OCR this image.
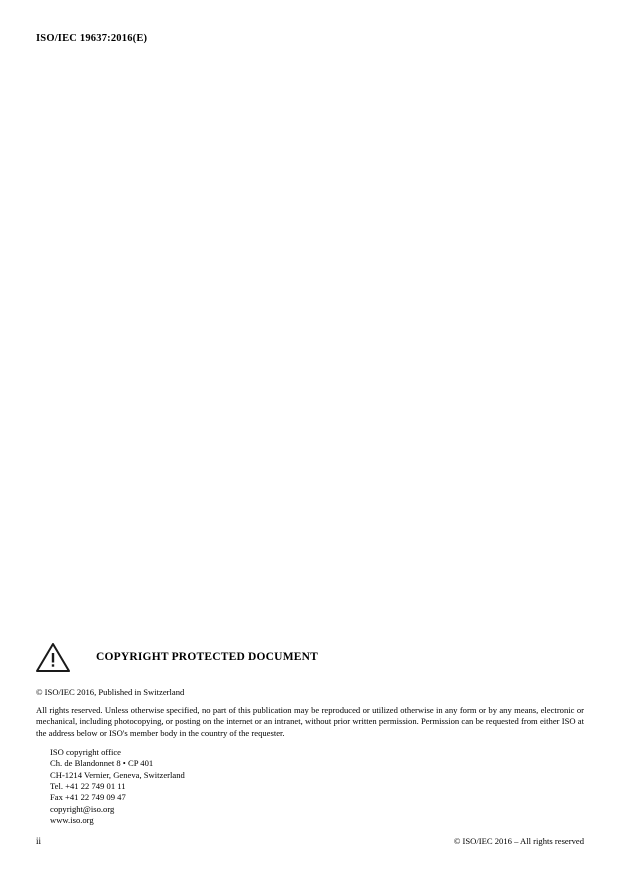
ISO/IEC 19637:2016(E)
COPYRIGHT PROTECTED DOCUMENT
© ISO/IEC 2016, Published in Switzerland
All rights reserved. Unless otherwise specified, no part of this publication may be reproduced or utilized otherwise in any form or by any means, electronic or mechanical, including photocopying, or posting on the internet or an intranet, without prior written permission. Permission can be requested from either ISO at the address below or ISO's member body in the country of the requester.
ISO copyright office
Ch. de Blandonnet 8 • CP 401
CH-1214 Vernier, Geneva, Switzerland
Tel. +41 22 749 01 11
Fax +41 22 749 09 47
copyright@iso.org
www.iso.org
ii	© ISO/IEC 2016 – All rights reserved
